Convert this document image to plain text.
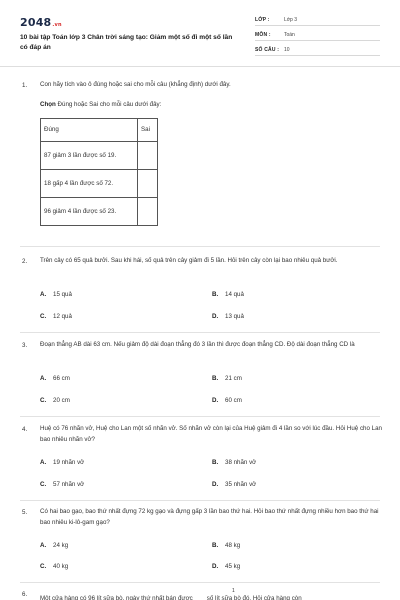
2048.vn
10 bài tập Toán lớp 3 Chân trời sáng tạo: Giảm một số đi một số lần có đáp án
LỚP :	Lớp 3
MÔN :	Toán
SỐ CÂU : 10
1. Con hãy tích vào ô đúng hoặc sai cho mỗi câu (khẳng định) dưới đây.
Chọn Đúng hoặc Sai cho mỗi câu dưới đây:
Đúng	Sai
87 giảm 3 lần được số 19.	
18 gấp 4 lần được số 72.	
96 giảm 4 lần được số 23.	
2. Trên cây có 65 quả bưởi. Sau khi hái, số quả trên cây giảm đi 5 lần. Hỏi trên cây còn lại bao nhiêu quả bưởi.
A. 15 quả	B. 14 quả
C. 12 quả	D. 13 quả
3. Đoạn thẳng AB dài 63 cm. Nếu giảm độ dài đoạn thẳng đó 3 lần thì được đoạn thẳng CD. Độ dài đoạn thẳng CD là
A. 66 cm	B. 21 cm
C. 20 cm	D. 60 cm
4. Huệ có 76 nhãn vở, Huệ cho Lan một số nhãn vở. Số nhãn vở còn lại của Huệ giảm đi 4 lần so với lúc đầu. Hỏi Huệ cho Lan bao nhiêu nhãn vở?
A. 19 nhãn vở	B. 38 nhãn vở
C. 57 nhãn vở	D. 35 nhãn vở
5. Có hai bao gạo, bao thứ nhất đựng 72 kg gạo và đựng gấp 3 lần bao thứ hai. Hỏi bao thứ nhất đựng nhiều hơn bao thứ hai bao nhiêu ki-lô-gam gạo?
A. 24 kg	B. 48 kg
C. 40 kg	D. 45 kg
6.
Một cửa hàng có 96 lít sữa bò, ngày thứ nhất bán được số lít sữa bò đó. Hỏi cửa hàng còn
1
